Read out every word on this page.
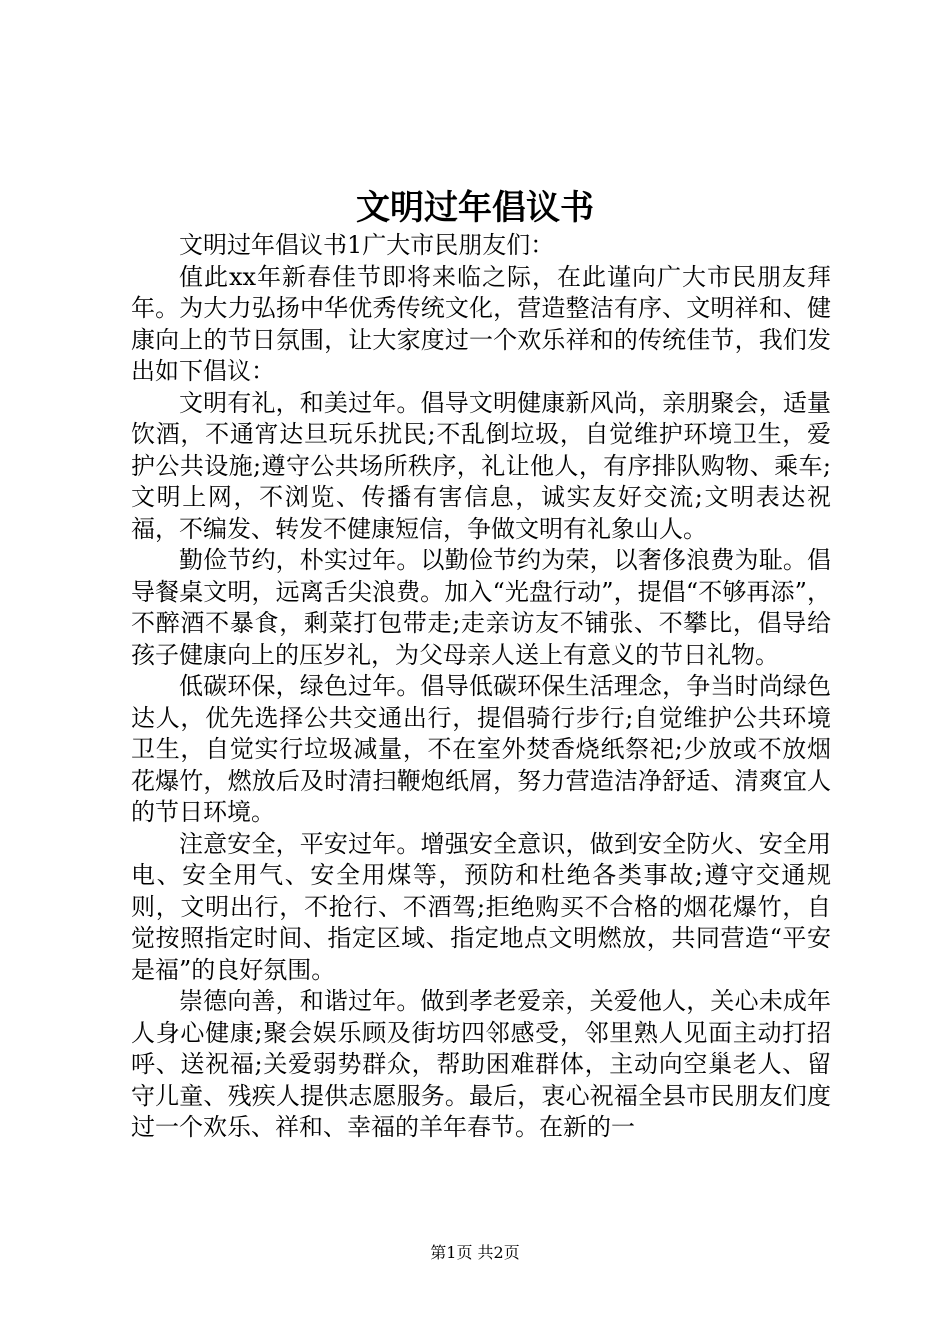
文明过年倡议书

文明过年倡议书1广大市民朋友们：

值此xx年新春佳节即将来临之际，在此谨向广大市民朋友拜年。为大力弘扬中华优秀传统文化，营造整洁有序、文明祥和、健康向上的节日氛围，让大家度过一个欢乐祥和的传统佳节，我们发出如下倡议：

文明有礼，和美过年。倡导文明健康新风尚，亲朋聚会，适量饮酒，不通宵达旦玩乐扰民;不乱倒垃圾，自觉维护环境卫生，爱护公共设施;遵守公共场所秩序，礼让他人，有序排队购物、乘车;文明上网，不浏览、传播有害信息，诚实友好交流;文明表达祝福，不编发、转发不健康短信，争做文明有礼象山人。

勤俭节约，朴实过年。以勤俭节约为荣，以奢侈浪费为耻。倡导餐桌文明，远离舌尖浪费。加入“光盘行动”，提倡“不够再添”，不醉酒不暴食，剩菜打包带走;走亲访友不铺张、不攀比，倡导给孩子健康向上的压岁礼，为父母亲人送上有意义的节日礼物。

低碳环保，绿色过年。倡导低碳环保生活理念，争当时尚绿色达人，优先选择公共交通出行，提倡骑行步行;自觉维护公共环境卫生，自觉实行垃圾减量，不在室外焚香烧纸祭祀;少放或不放烟花爆竹，燃放后及时清扫鞭炮纸屑，努力营造洁净舒适、清爽宜人的节日环境。

注意安全，平安过年。增强安全意识，做到安全防火、安全用电、安全用气、安全用煤等，预防和杜绝各类事故;遵守交通规则，文明出行，不抢行、不酒驾;拒绝购买不合格的烟花爆竹，自觉按照指定时间、指定区域、指定地点文明燃放，共同营造“平安是福”的良好氛围。

崇德向善，和谐过年。做到孝老爱亲，关爱他人，关心未成年人身心健康;聚会娱乐顾及街坊四邻感受，邻里熟人见面主动打招呼、送祝福;关爱弱势群众，帮助困难群体，主动向空巢老人、留守儿童、残疾人提供志愿服务。最后，衷心祝福全县市民朋友们度过一个欢乐、祥和、幸福的羊年春节。在新的一

第1页 共2页
